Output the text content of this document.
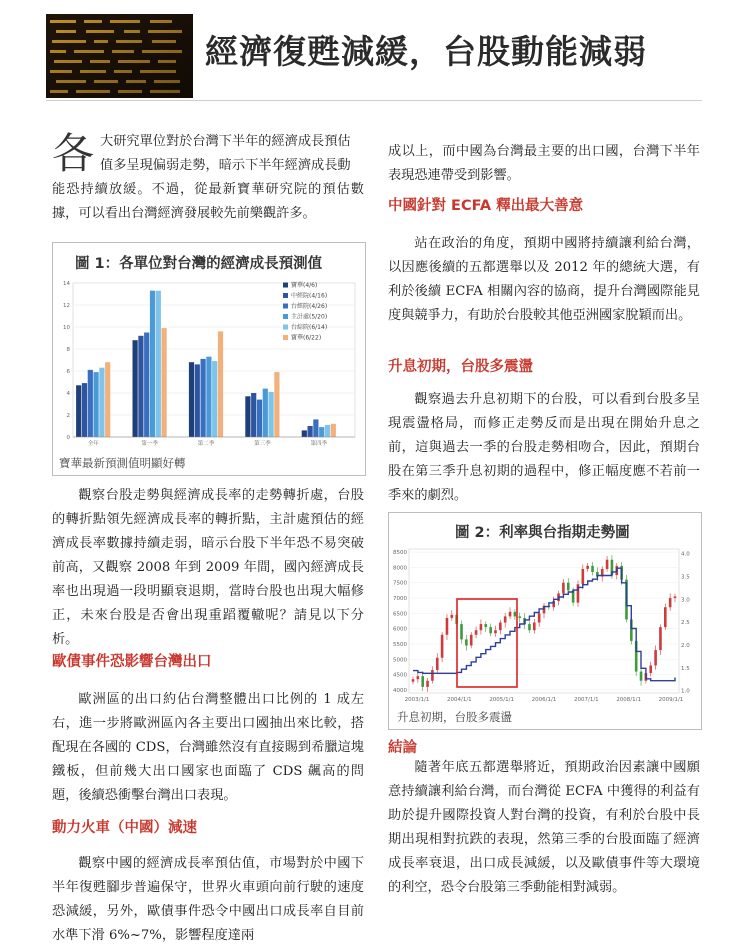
經濟復甦減緩，台股動能減弱
各 大研究單位對於台灣下半年的經濟成長預估
值多呈現偏弱走勢，暗示下半年經濟成長動
能恐持續放緩。不過，從最新寶華研究院的預估數據，可以看出台灣經濟發展較先前樂觀許多。
圖 1：各單位對台灣的經濟成長預測值
0
2
4
6
8
10
12
14
全年	第一季	第二季	第三季	第四季
寶華(4/6)
中經院(4/16)
台經院(4/26)
主計處(5/20)
台綜院(6/14)
寶華(6/22)
寶華最新預測值明顯好轉

觀察台股走勢與經濟成長率的走勢轉折處，台股的轉折點領先經濟成長率的轉折點，主計處預估的經濟成長率數據持續走弱，暗示台股下半年恐不易突破前高，又觀察 2008 年到 2009 年間，國內經濟成長率也出現過一段明顯衰退期，當時台股也出現大幅修正，未來台股是否會出現重蹈覆轍呢？請見以下分析。

歐債事件恐影響台灣出口

歐洲區的出口約佔台灣整體出口比例的 1 成左右，進一步將歐洲區內各主要出口國抽出來比較，搭配現在各國的 CDS，台灣雖然沒有直接賜到希臘這塊鐵板，但前幾大出口國家也面臨了 CDS 飆高的問題，後續恐衝擊台灣出口表現。

動力火車（中國）減速

觀察中國的經濟成長率預估值，市場對於中國下半年復甦腳步普遍保守，世界火車頭向前行駛的速度恐減緩，另外，歐債事件恐令中國出口成長率自目前水準下滑 6%~7%，影響程度達兩

成以上，而中國為台灣最主要的出口國，台灣下半年表現恐連帶受到影響。
中國針對 ECFA 釋出最大善意

站在政治的角度，預期中國將持續讓利給台灣，以因應後續的五都選舉以及 2012 年的總統大選，有利於後續 ECFA 相關內容的協商，提升台灣國際能見度與競爭力，有助於台股較其他亞洲國家脫穎而出。

升息初期，台股多震盪

觀察過去升息初期下的台股，可以看到台股多呈現震盪格局，而修正走勢反而是出現在開始升息之前，這與過去一季的台股走勢相吻合，因此，預期台股在第三季升息初期的過程中，修正幅度應不若前一季來的劇烈。

圖 2：利率與台指期走勢圖
4000
4500
5000
5500
6000
6500
7000
7500
8000
8500
1.0
1.5
2.0
2.5
3.0
3.5
4.0
2003/1/1	2004/1/1	2005/1/1	2006/1/1	2007/1/1	2008/1/1	2009/1/1
升息初期，台股多震盪
結論

隨著年底五都選舉將近，預期政治因素讓中國願意持續讓利給台灣，而台灣從 ECFA 中獲得的利益有助於提升國際投資人對台灣的投資，有利於台股中長期出現相對抗跌的表現，然第三季的台股面臨了經濟成長率衰退，出口成長減緩，以及歐債事件等大環境的利空，恐令台股第三季動能相對減弱。
